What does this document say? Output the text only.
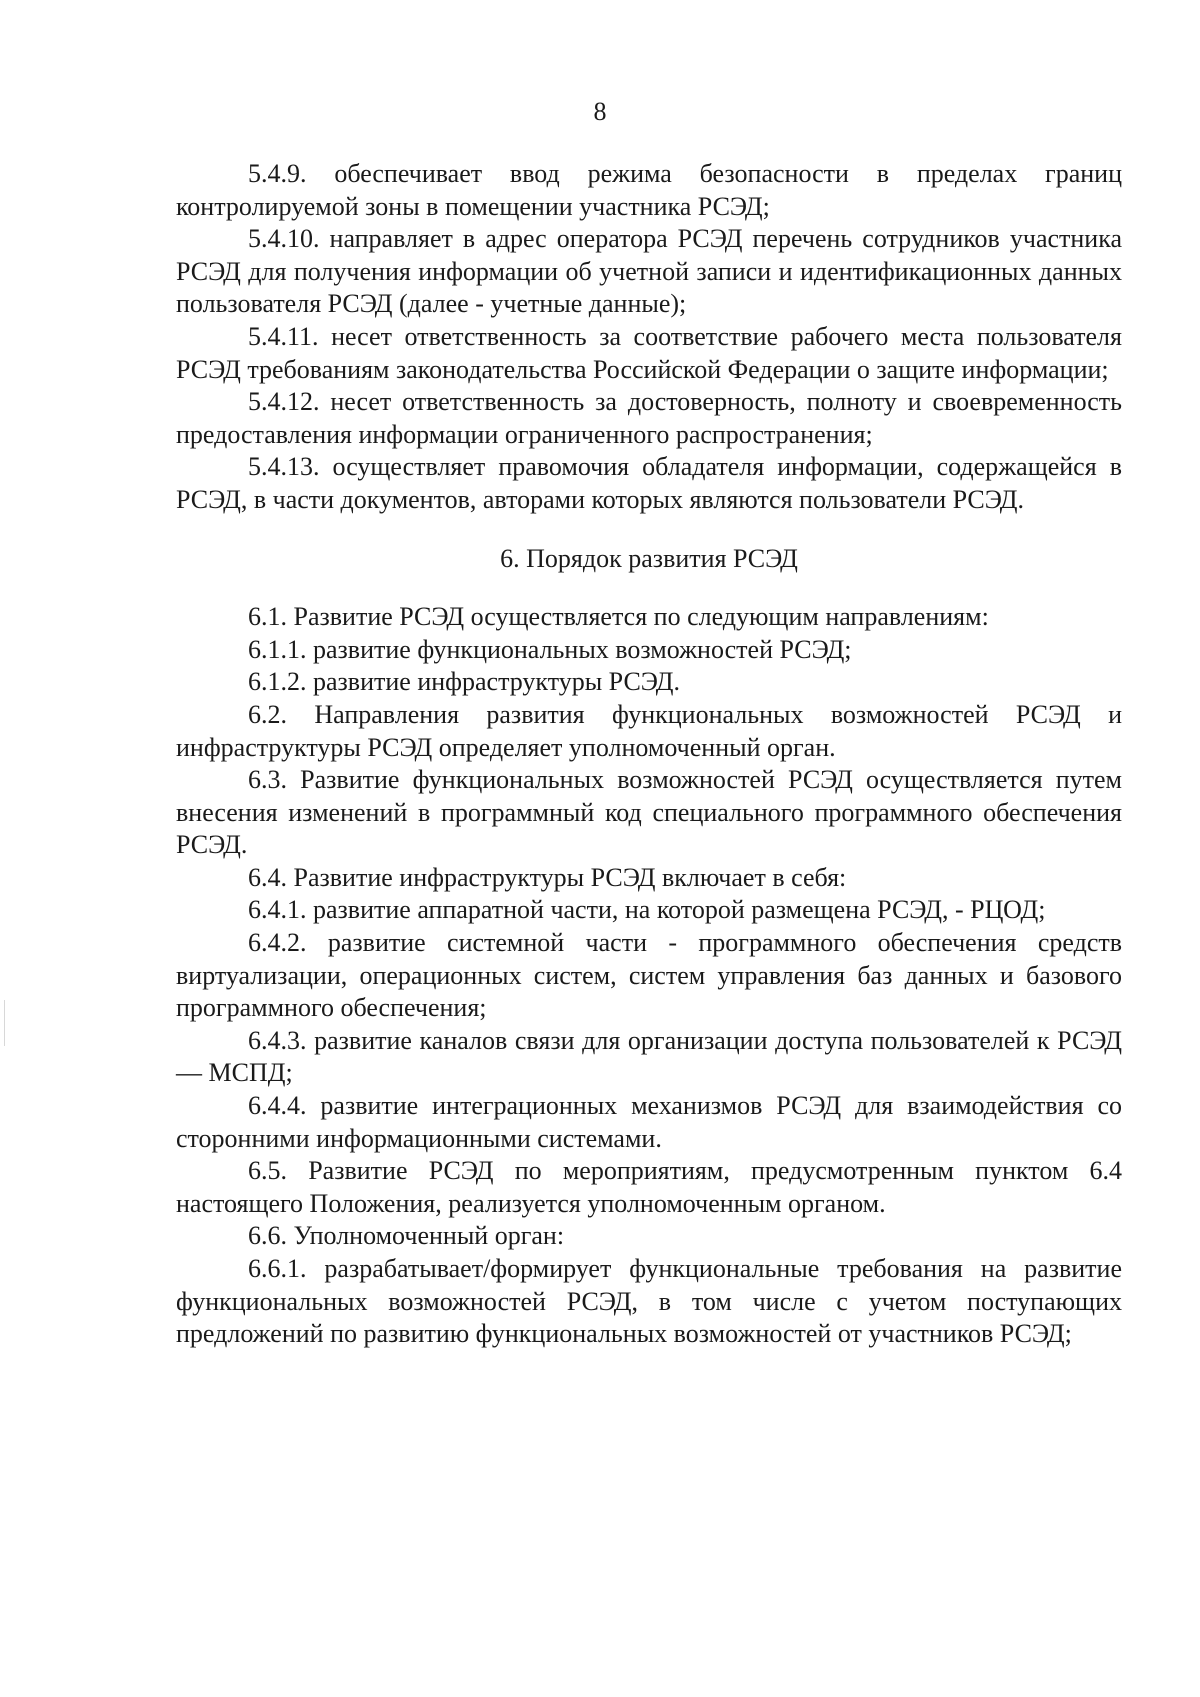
8

5.4.9. обеспечивает ввод режима безопасности в пределах границ контролируемой зоны в помещении участника РСЭД;

5.4.10. направляет в адрес оператора РСЭД перечень сотрудников участника РСЭД для получения информации об учетной записи и идентификационных данных пользователя РСЭД (далее - учетные данные);

5.4.11. несет ответственность за соответствие рабочего места пользователя РСЭД требованиям законодательства Российской Федерации о защите информации;

5.4.12. несет ответственность за достоверность, полноту и своевременность предоставления информации ограниченного распространения;

5.4.13. осуществляет правомочия обладателя информации, содержащейся в РСЭД, в части документов, авторами которых являются пользователи РСЭД.

6. Порядок развития РСЭД

6.1. Развитие РСЭД осуществляется по следующим направлениям:

6.1.1. развитие функциональных возможностей РСЭД;

6.1.2. развитие инфраструктуры РСЭД.

6.2. Направления развития функциональных возможностей РСЭД и инфраструктуры РСЭД определяет уполномоченный орган.

6.3. Развитие функциональных возможностей РСЭД осуществляется путем внесения изменений в программный код специального программного обеспечения РСЭД.

6.4. Развитие инфраструктуры РСЭД включает в себя:

6.4.1. развитие аппаратной части, на которой размещена РСЭД, - РЦОД;

6.4.2. развитие системной части - программного обеспечения средств виртуализации, операционных систем, систем управления баз данных и базового программного обеспечения;

6.4.3. развитие каналов связи для организации доступа пользователей к РСЭД — МСПД;

6.4.4. развитие интеграционных механизмов РСЭД для взаимодействия со сторонними информационными системами.

6.5. Развитие РСЭД по мероприятиям, предусмотренным пунктом 6.4 настоящего Положения, реализуется уполномоченным органом.

6.6. Уполномоченный орган:

6.6.1. разрабатывает/формирует функциональные требования на развитие функциональных возможностей РСЭД, в том числе с учетом поступающих предложений по развитию функциональных возможностей от участников РСЭД;
